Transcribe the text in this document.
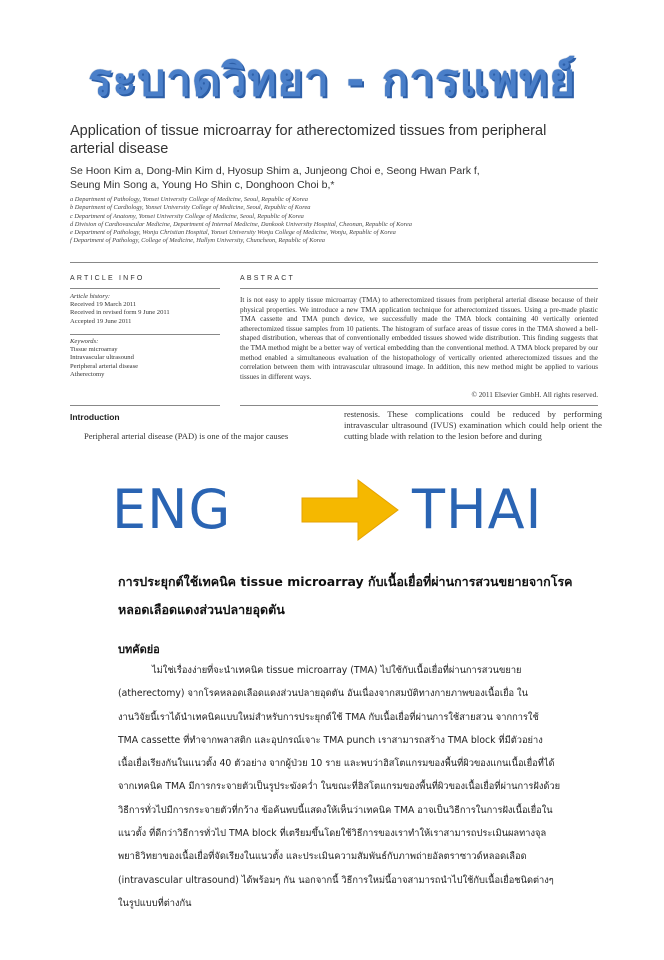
ระบาดวิทยา - การแพทย์
Application of tissue microarray for atherectomized tissues from peripheral arterial disease
Se Hoon Kim a, Dong-Min Kim d, Hyosup Shim a, Junjeong Choi e, Seong Hwan Park f,
Seung Min Song a, Young Ho Shin c, Donghoon Choi b,*
a Department of Pathology, Yonsei University College of Medicine, Seoul, Republic of Korea
b Department of Cardiology, Yonsei University College of Medicine, Seoul, Republic of Korea
c Department of Anatomy, Yonsei University College of Medicine, Seoul, Republic of Korea
d Division of Cardiovascular Medicine, Department of Internal Medicine, Dankook University Hospital, Cheonan, Republic of Korea
e Department of Pathology, Wonju Christian Hospital, Yonsei University Wonju College of Medicine, Wonju, Republic of Korea
f Department of Pathology, College of Medicine, Hallym University, Chuncheon, Republic of Korea
ARTICLE INFO	ABSTRACT
Article history:
Received 19 March 2011
Received in revised form 9 June 2011
Accepted 19 June 2011
Keywords:
Tissue microarray
Intravascular ultrasound
Peripheral arterial disease
Atherectomy
It is not easy to apply tissue microarray (TMA) to atherectomized tissues from peripheral arterial disease because of their physical properties. We introduce a new TMA application technique for atherectomized tissues. Using a pre-made plastic TMA cassette and TMA punch device, we successfully made the TMA block containing 40 vertically oriented atherectomized tissue samples from 10 patients. The histogram of surface areas of tissue cores in the TMA showed a bell-shaped distribution, whereas that of conventionally embedded tissues showed wide distribution. This finding suggests that the TMA method might be a better way of vertical embedding than the conventional method. A TMA block prepared by our method enabled a simultaneous evaluation of the histopathology of vertically oriented atherectomized tissues and the correlation between them with intravascular ultrasound image. In addition, this new method might be applied to various tissues in different ways.
© 2011 Elsevier GmbH. All rights reserved.
Introduction
Peripheral arterial disease (PAD) is one of the major causes
restenosis. These complications could be reduced by performing intravascular ultrasound (IVUS) examination which could help orient the cutting blade with relation to the lesion before and during
ENG	THAI
การประยุกต์ใช้เทคนิค tissue microarray กับเนื้อเยื่อที่ผ่านการสวนขยายจากโรค
หลอดเลือดแดงส่วนปลายอุดตัน
บทคัดย่อ
ไม่ใช่เรื่องง่ายที่จะนำเทคนิค tissue microarray (TMA) ไปใช้กับเนื้อเยื่อที่ผ่านการสวนขยาย
(atherectomy) จากโรคหลอดเลือดแดงส่วนปลายอุดตัน อันเนื่องจากสมบัติทางกายภาพของเนื้อเยื่อ ใน
งานวิจัยนี้เราได้นำเทคนิคแบบใหม่สำหรับการประยุกต์ใช้ TMA กับเนื้อเยื่อที่ผ่านการใช้สายสวน จากการใช้
TMA cassette ที่ทำจากพลาสติก และอุปกรณ์เจาะ TMA punch เราสามารถสร้าง TMA block ที่มีตัวอย่าง
เนื้อเยื่อเรียงกันในแนวตั้ง 40 ตัวอย่าง จากผู้ป่วย 10 ราย และพบว่าฮิสโตแกรมของพื้นที่ผิวของแกนเนื้อเยื่อที่ได้
จากเทคนิค TMA มีการกระจายตัวเป็นรูประฆังคว่ำ ในขณะที่ฮิสโตแกรมของพื้นที่ผิวของเนื้อเยื่อที่ผ่านการฝังด้วย
วิธีการทั่วไปมีการกระจายตัวที่กว้าง ข้อค้นพบนี้แสดงให้เห็นว่าเทคนิค TMA อาจเป็นวิธีการในการฝังเนื้อเยื่อใน
แนวตั้ง ที่ดีกว่าวิธีการทั่วไป TMA block ที่เตรียมขึ้นโดยใช้วิธีการของเราทำให้เราสามารถประเมินผลทางจุล
พยาธิวิทยาของเนื้อเยื่อที่จัดเรียงในแนวตั้ง และประเมินความสัมพันธ์กับภาพถ่ายอัลตราซาวด์หลอดเลือด
(intravascular ultrasound) ได้พร้อมๆ กัน นอกจากนี้ วิธีการใหม่นี้อาจสามารถนำไปใช้กับเนื้อเยื่อชนิดต่างๆ
ในรูปแบบที่ต่างกัน
